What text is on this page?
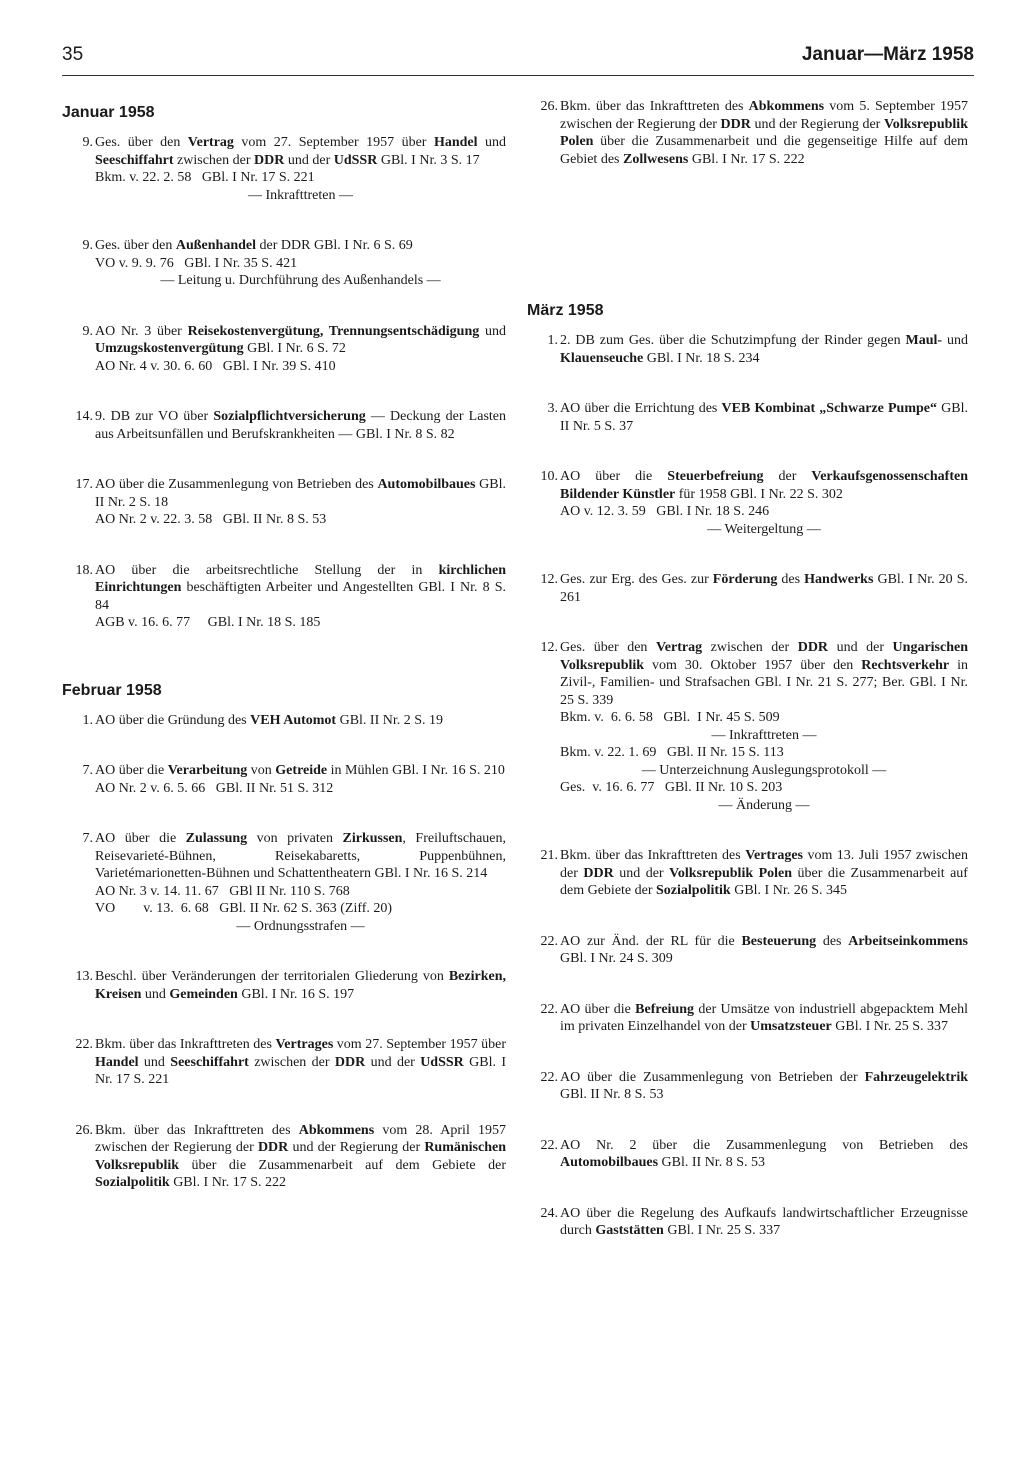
35	Januar—März 1958
Januar 1958
9. Ges. über den Vertrag vom 27. September 1957 über Handel und Seeschiffahrt zwischen der DDR und der UdSSR GBl. I Nr. 3 S. 17
Bkm. v. 22. 2. 58   GBl. I Nr. 17 S. 221
— Inkrafttreten —
9. Ges. über den Außenhandel der DDR GBl. I Nr. 6 S. 69
VO v. 9. 9. 76   GBl. I Nr. 35 S. 421
— Leitung u. Durchführung des Außenhandels —
9. AO Nr. 3 über Reisekostenvergütung, Trennungsentschädigung und Umzugskostenvergütung GBl. I Nr. 6 S. 72
AO Nr. 4 v. 30. 6. 60   GBl. I Nr. 39 S. 410
14. 9. DB zur VO über Sozialpflichtversicherung — Deckung der Lasten aus Arbeitsunfällen und Berufskrankheiten — GBl. I Nr. 8 S. 82
17. AO über die Zusammenlegung von Betrieben des Automobilbaues GBl. II Nr. 2 S. 18
AO Nr. 2 v. 22. 3. 58   GBl. II Nr. 8 S. 53
18. AO über die arbeitsrechtliche Stellung der in kirchlichen Einrichtungen beschäftigten Arbeiter und Angestellten GBl. I Nr. 8 S. 84
AGB v. 16. 6. 77     GBl. I Nr. 18 S. 185
Februar 1958
1. AO über die Gründung des VEH Automot GBl. II Nr. 2 S. 19
7. AO über die Verarbeitung von Getreide in Mühlen GBl. I Nr. 16 S. 210
AO Nr. 2 v. 6. 5. 66   GBl. II Nr. 51 S. 312
7. AO über die Zulassung von privaten Zirkussen, Freiluftschauen, Reisevarieté-Bühnen, Reisekabaretts, Puppenbühnen, Varietémarionetten-Bühnen und Schattentheatern GBl. I Nr. 16 S. 214
AO Nr. 3 v. 14. 11. 67   GBl II Nr. 110 S. 768
VO        v. 13.  6. 68   GBl. II Nr. 62 S. 363 (Ziff. 20)
— Ordnungsstrafen —
13. Beschl. über Veränderungen der territorialen Gliederung von Bezirken, Kreisen und Gemeinden GBl. I Nr. 16 S. 197
22. Bkm. über das Inkrafttreten des Vertrages vom 27. September 1957 über Handel und Seeschiffahrt zwischen der DDR und der UdSSR GBl. I Nr. 17 S. 221
26. Bkm. über das Inkrafttreten des Abkommens vom 28. April 1957 zwischen der Regierung der DDR und der Regierung der Rumänischen Volksrepublik über die Zusammenarbeit auf dem Gebiete der Sozialpolitik GBl. I Nr. 17 S. 222
26. Bkm. über das Inkrafttreten des Abkommens vom 5. September 1957 zwischen der Regierung der DDR und der Regierung der Volksrepublik Polen über die Zusammenarbeit und die gegenseitige Hilfe auf dem Gebiet des Zollwesens GBl. I Nr. 17 S. 222
März 1958
1. 2. DB zum Ges. über die Schutzimpfung der Rinder gegen Maul- und Klauenseuche GBl. I Nr. 18 S. 234
3. AO über die Errichtung des VEB Kombinat „Schwarze Pumpe“ GBl. II Nr. 5 S. 37
10. AO über die Steuerbefreiung der Verkaufsgenossenschaften Bildender Künstler für 1958 GBl. I Nr. 22 S. 302
AO v. 12. 3. 59   GBl. I Nr. 18 S. 246
— Weitergeltung —
12. Ges. zur Erg. des Ges. zur Förderung des Handwerks GBl. I Nr. 20 S. 261
12. Ges. über den Vertrag zwischen der DDR und der Ungarischen Volksrepublik vom 30. Oktober 1957 über den Rechtsverkehr in Zivil-, Familien- und Strafsachen GBl. I Nr. 21 S. 277; Ber. GBl. I Nr. 25 S. 339
Bkm. v.  6. 6. 58   GBl.  I Nr. 45 S. 509
— Inkrafttreten —
Bkm. v. 22. 1. 69   GBl. II Nr. 15 S. 113
— Unterzeichnung Auslegungsprotokoll —
Ges.  v. 16. 6. 77   GBl. II Nr. 10 S. 203
— Änderung —
21. Bkm. über das Inkrafttreten des Vertrages vom 13. Juli 1957 zwischen der DDR und der Volksrepublik Polen über die Zusammenarbeit auf dem Gebiete der Sozialpolitik GBl. I Nr. 26 S. 345
22. AO zur Änd. der RL für die Besteuerung des Arbeitseinkommens GBl. I Nr. 24 S. 309
22. AO über die Befreiung der Umsätze von industriell abgepacktem Mehl im privaten Einzelhandel von der Umsatzsteuer GBl. I Nr. 25 S. 337
22. AO über die Zusammenlegung von Betrieben der Fahrzeugelektrik GBl. II Nr. 8 S. 53
22. AO Nr. 2 über die Zusammenlegung von Betrieben des Automobilbaues GBl. II Nr. 8 S. 53
24. AO über die Regelung des Aufkaufs landwirtschaftlicher Erzeugnisse durch Gaststätten GBl. I Nr. 25 S. 337
